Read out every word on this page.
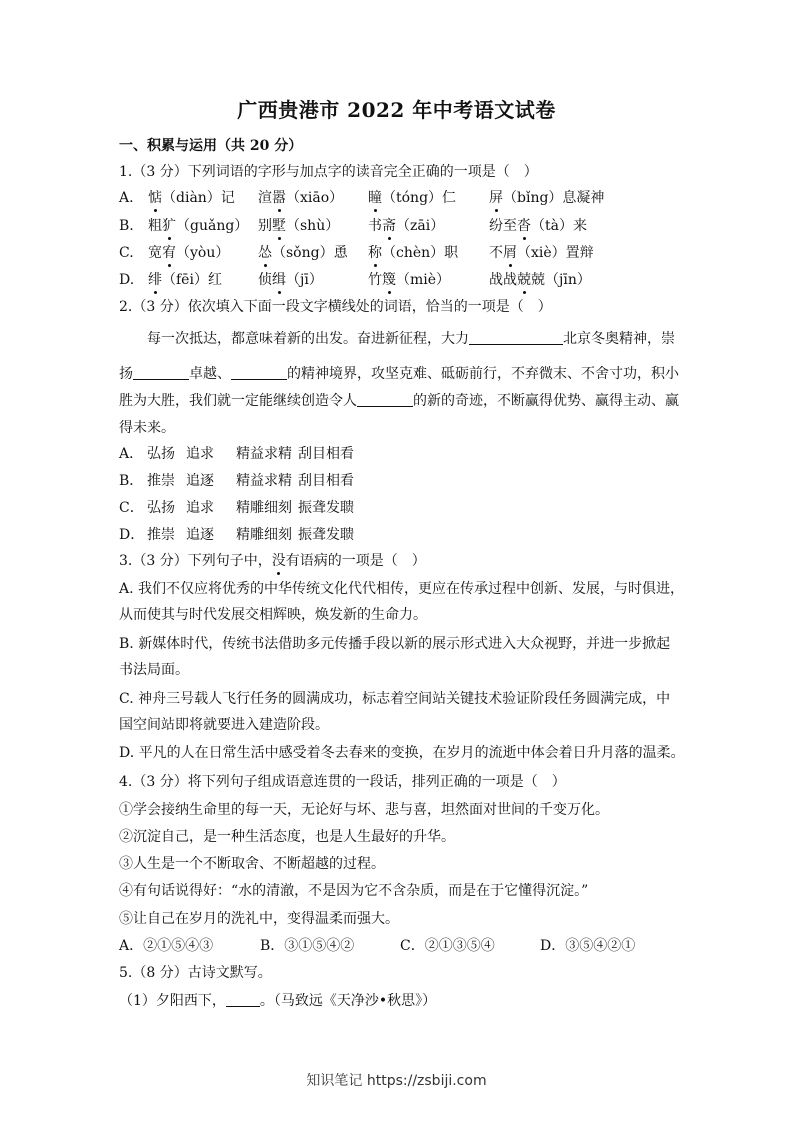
广西贵港市 2022 年中考语文试卷
一、积累与运用（共 20 分）
1.（3 分）下列词语的字形与加点字的读音完全正确的一项是（　）
A. 惦（diàn）记 渲嚣（xiāo） 瞳（tóng）仁 屏（bǐng）息凝神
B. 粗犷（guǎng） 别墅（shù） 书斋（zāi）	纷至沓（tà）来
C. 宽宥（yòu） 怂（sǒng）恿 称（chèn）职 不屑（xiè）置辩
D. 绯（fēi）红	侦缉（jī）	竹篾（miè）	战战兢兢（jīn）
2.（3 分）依次填入下面一段文字横线处的词语，恰当的一项是（　）
每一次抵达，都意味着新的出发。奋进新征程，大力	北京冬奥精神，崇
扬	卓越、	的精神境界，攻坚克难、砥砺前行，不弃微末、不舍寸功，积小
胜为大胜，我们就一定能继续创造令人	的新的奇迹，不断赢得优势、赢得主动、赢
得未来。
A． 弘扬 追求 精益求精 刮目相看
B． 推崇 追逐 精益求精 刮目相看
C． 弘扬 追求 精雕细刻 振聋发聩
D． 推崇 追逐 精雕细刻 振聋发聩
3.（3 分）下列句子中，没有语病的一项是（　）
A. 我们不仅应将优秀的中华传统文化代代相传，更应在传承过程中创新、发展，与时俱进，
从而使其与时代发展交相辉映，焕发新的生命力。
B. 新媒体时代，传统书法借助多元传播手段以新的展示形式进入大众视野，并进一步掀起
书法局面。
C. 神舟三号载人飞行任务的圆满成功，标志着空间站关键技术验证阶段任务圆满完成，中
国空间站即将就要进入建造阶段。
D. 平凡的人在日常生活中感受着冬去春来的变换，在岁月的流逝中体会着日升月落的温柔。
4.（3 分）将下列句子组成语意连贯的一段话，排列正确的一项是（　）
①学会接纳生命里的每一天，无论好与坏、悲与喜，坦然面对世间的千变万化。
②沉淀自己，是一种生活态度，也是人生最好的升华。
③人生是一个不断取舍、不断超越的过程。
④有句话说得好：“水的清澈，不是因为它不含杂质，而是在于它懂得沉淀。”
⑤让自己在岁月的洗礼中，变得温柔而强大。
A．②①⑤④③	B．③①⑤④②	C．②①③⑤④	D．③⑤④②①
5.（8 分）古诗文默写。
（1）夕阳西下， 。（马致远《天净沙•秋思》）
知识笔记 https://zsbiji.com
